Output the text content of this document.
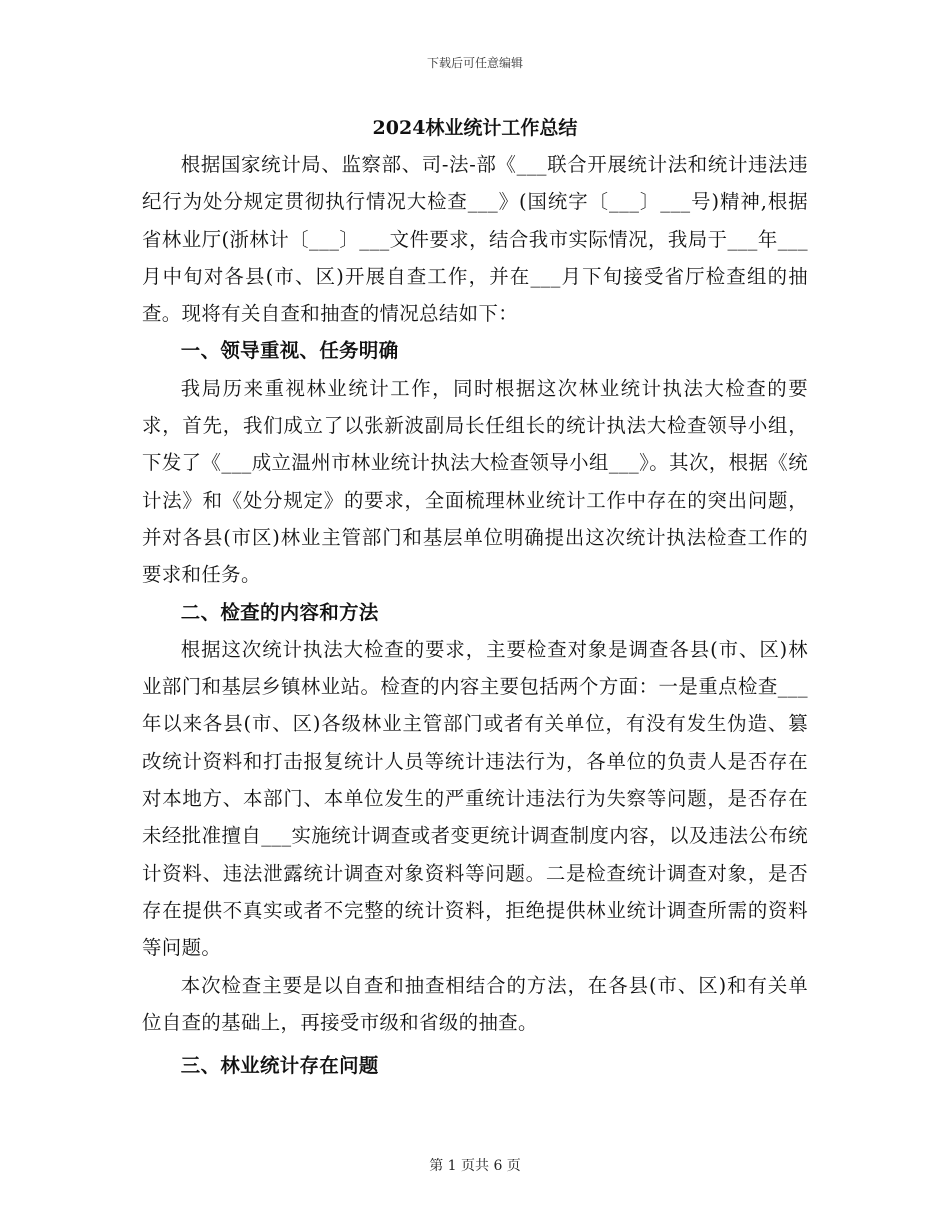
下载后可任意编辑
2024林业统计工作总结

根据国家统计局、监察部、司-法-部《___联合开展统计法和统计违法违纪行为处分规定贯彻执行情况大检查___》(国统字〔___〕___号)精神,根据省林业厅(浙林计〔___〕___文件要求，结合我市实际情况，我局于___年___月中旬对各县(市、区)开展自查工作，并在___月下旬接受省厅检查组的抽查。现将有关自查和抽查的情况总结如下：

一、领导重视、任务明确

我局历来重视林业统计工作，同时根据这次林业统计执法大检查的要求，首先，我们成立了以张新波副局长任组长的统计执法大检查领导小组，下发了《___成立温州市林业统计执法大检查领导小组___》。其次，根据《统计法》和《处分规定》的要求，全面梳理林业统计工作中存在的突出问题，并对各县(市区)林业主管部门和基层单位明确提出这次统计执法检查工作的要求和任务。

二、检查的内容和方法

根据这次统计执法大检查的要求，主要检查对象是调查各县(市、区)林业部门和基层乡镇林业站。检查的内容主要包括两个方面：一是重点检查___年以来各县(市、区)各级林业主管部门或者有关单位，有没有发生伪造、篡改统计资料和打击报复统计人员等统计违法行为，各单位的负责人是否存在对本地方、本部门、本单位发生的严重统计违法行为失察等问题，是否存在未经批准擅自___实施统计调查或者变更统计调查制度内容，以及违法公布统计资料、违法泄露统计调查对象资料等问题。二是检查统计调查对象，是否存在提供不真实或者不完整的统计资料，拒绝提供林业统计调查所需的资料等问题。

本次检查主要是以自查和抽查相结合的方法，在各县(市、区)和有关单位自查的基础上，再接受市级和省级的抽查。

三、林业统计存在问题
第 1 页共 6 页
